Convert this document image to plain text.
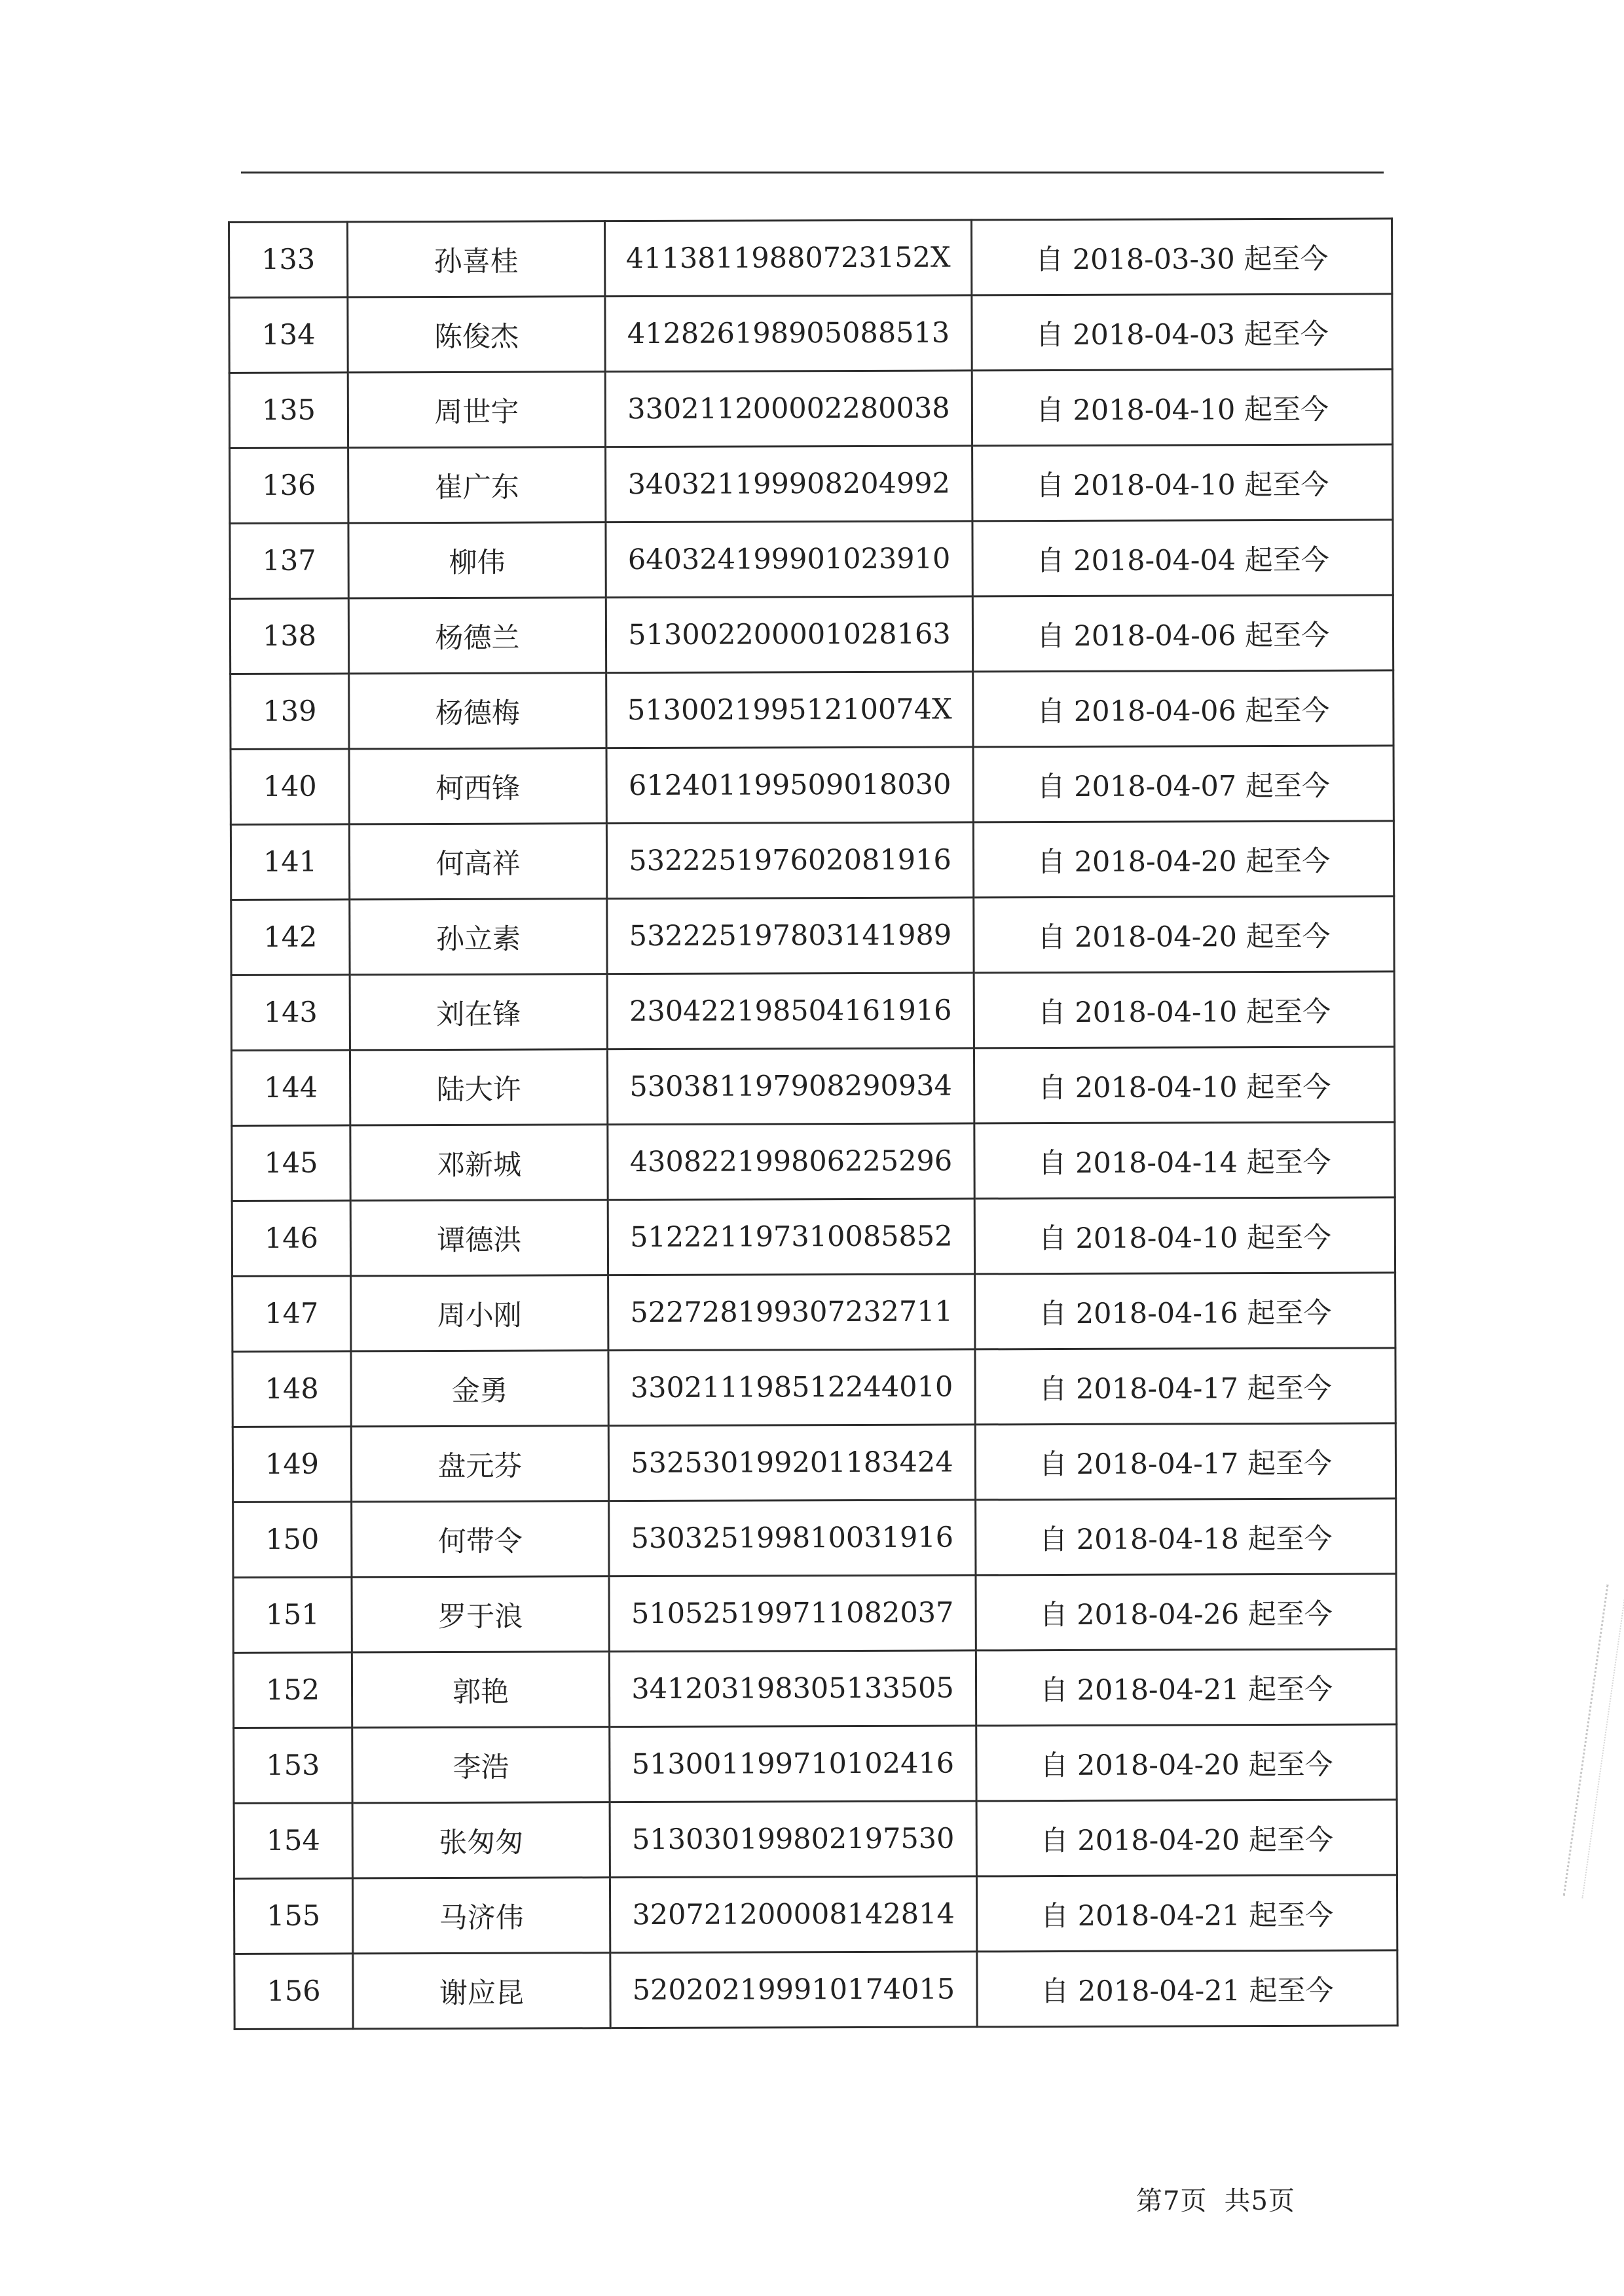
133	孙喜桂	41138119880723152X	自 2018-03-30 起至今
134	陈俊杰	412826198905088513	自 2018-04-03 起至今
135	周世宇	330211200002280038	自 2018-04-10 起至今
136	崔广东	340321199908204992	自 2018-04-10 起至今
137	柳伟	640324199901023910	自 2018-04-04 起至今
138	杨德兰	513002200001028163	自 2018-04-06 起至今
139	杨德梅	51300219951210074X	自 2018-04-06 起至今
140	柯西锋	612401199509018030	自 2018-04-07 起至今
141	何高祥	532225197602081916	自 2018-04-20 起至今
142	孙立素	532225197803141989	自 2018-04-20 起至今
143	刘在锋	230422198504161916	自 2018-04-10 起至今
144	陆大许	530381197908290934	自 2018-04-10 起至今
145	邓新城	430822199806225296	自 2018-04-14 起至今
146	谭德洪	512221197310085852	自 2018-04-10 起至今
147	周小刚	522728199307232711	自 2018-04-16 起至今
148	金勇	330211198512244010	自 2018-04-17 起至今
149	盘元芬	532530199201183424	自 2018-04-17 起至今
150	何带令	530325199810031916	自 2018-04-18 起至今
151	罗于浪	510525199711082037	自 2018-04-26 起至今
152	郭艳	341203198305133505	自 2018-04-21 起至今
153	李浩	513001199710102416	自 2018-04-20 起至今
154	张匆匆	513030199802197530	自 2018-04-20 起至今
155	马济伟	320721200008142814	自 2018-04-21 起至今
156	谢应昆	520202199910174015	自 2018-04-21 起至今
第7页 共5页
